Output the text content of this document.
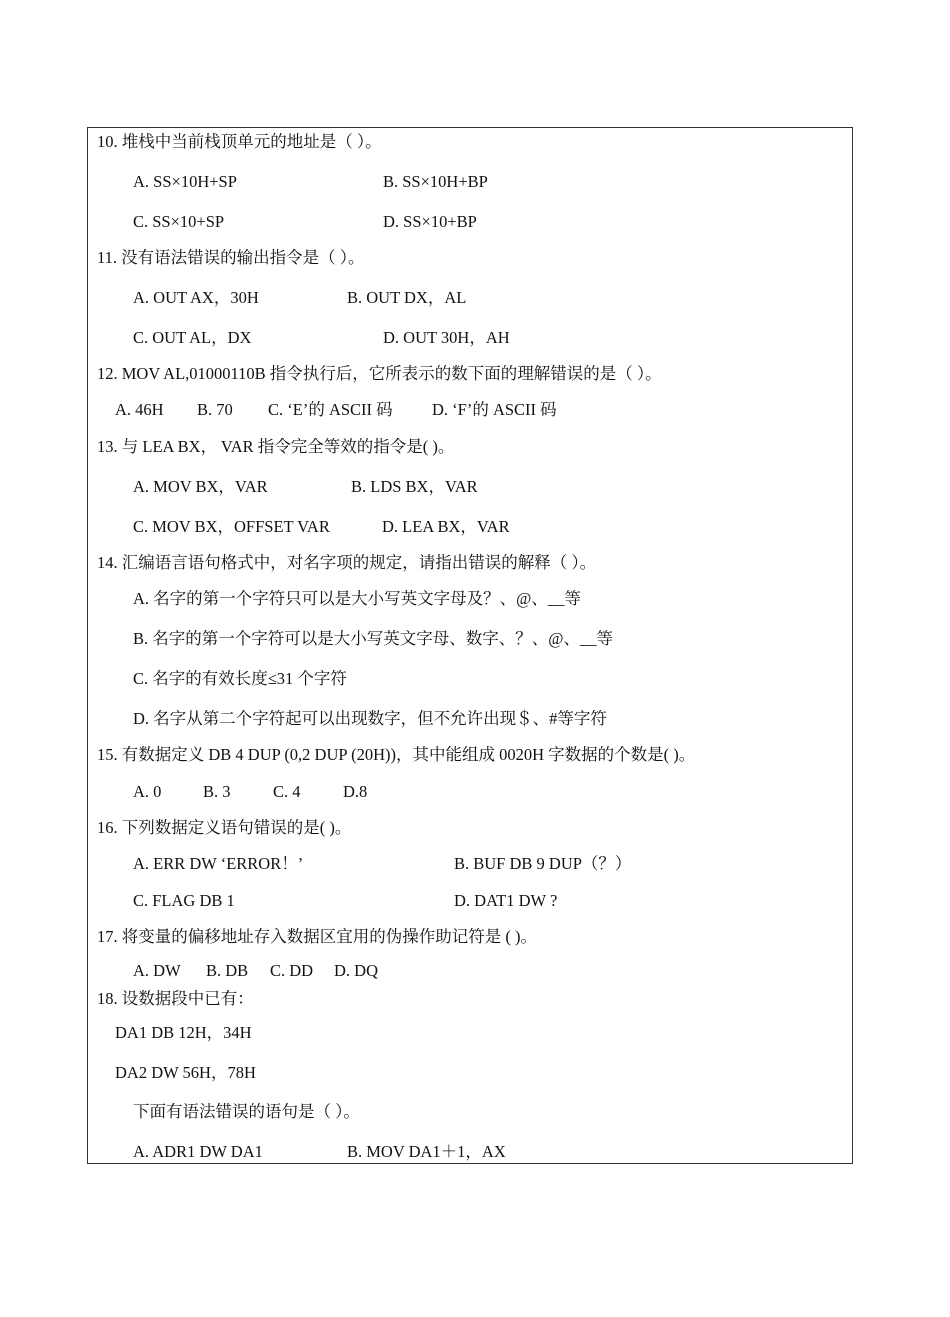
10. 堆栈中当前栈顶单元的地址是（ ）。
A. SS×10H+SP	B. SS×10H+BP
C. SS×10+SP	D. SS×10+BP
11. 没有语法错误的输出指令是（ ）。
A. OUT AX，30H	B. OUT DX，AL
C. OUT AL，DX	D. OUT 30H，AH
12. MOV AL,01000110B 指令执行后，它所表示的数下面的理解错误的是（ ）。
A. 46H B. 70 C. ‘E’的 ASCII 码 D. ‘F’的 ASCII 码
13. 与 LEA BX， VAR 指令完全等效的指令是( )。
A. MOV BX，VAR	B. LDS BX，VAR
C. MOV BX，OFFSET VAR	D. LEA BX，VAR
14. 汇编语言语句格式中，对名字项的规定，请指出错误的解释（ ）。
A. 名字的第一个字符只可以是大小写英文字母及？、@、__等
B. 名字的第一个字符可以是大小写英文字母、数字、？、@、__等
C. 名字的有效长度≤31 个字符
D. 名字从第二个字符起可以出现数字，但不允许出现＄、#等字符
15. 有数据定义 DB 4 DUP (0,2 DUP (20H))，其中能组成 0020H 字数据的个数是( )。
A. 0	B. 3	C. 4	D.8
16. 下列数据定义语句错误的是( )。
A. ERR DW ‘ERROR！’	B. BUF DB 9 DUP（？）
C. FLAG DB 1	D. DAT1 DW ?
17. 将变量的偏移地址存入数据区宜用的伪操作助记符是 ( )。
A. DW B. DB C. DD D. DQ
18. 设数据段中已有：
DA1 DB 12H，34H
DA2 DW 56H，78H
下面有语法错误的语句是（ ）。
A. ADR1 DW DA1	B. MOV DA1＋1，AX
